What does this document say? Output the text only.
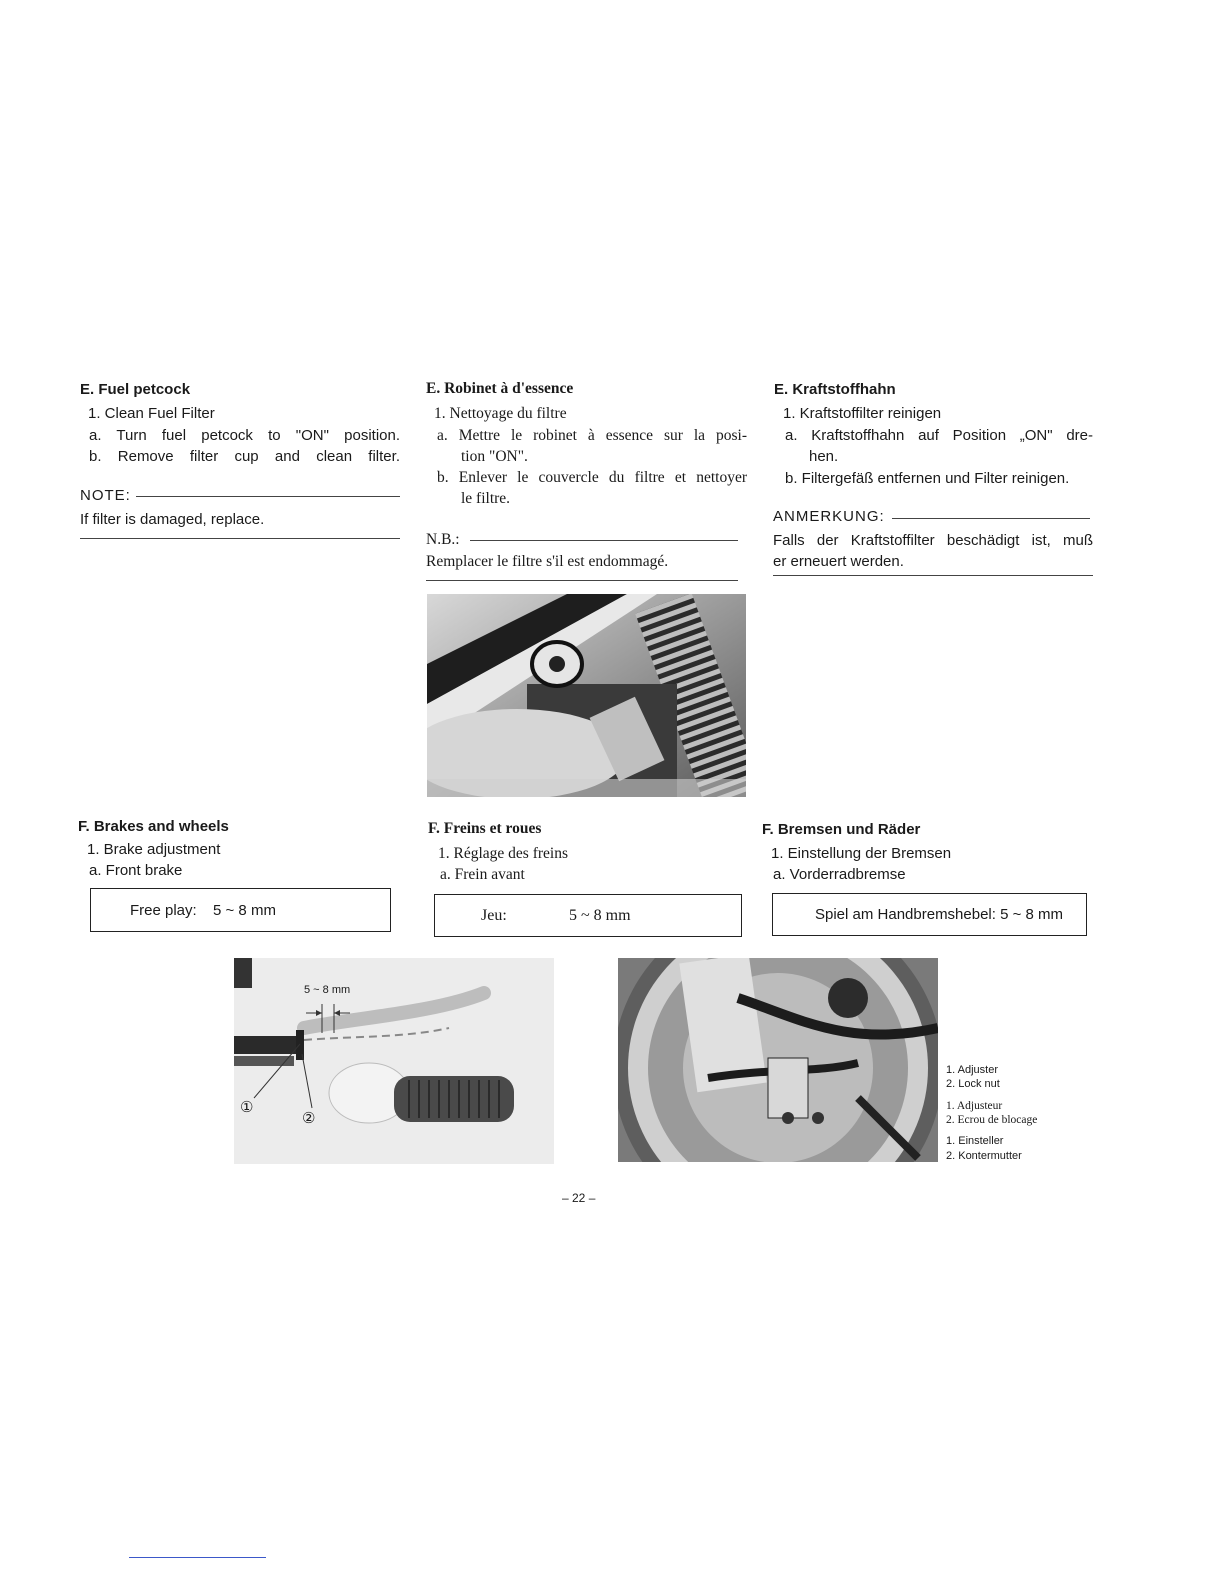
E. Fuel petcock
1. Clean Fuel Filter
a. Turn fuel petcock to "ON" position.
b. Remove filter cup and clean filter.
NOTE:
If filter is damaged, replace.
F. Brakes and wheels
1. Brake adjustment
a. Front brake
Free play: 5 ~ 8 mm
E. Robinet à d'essence
1. Nettoyage du filtre
a. Mettre le robinet à essence sur la posi-
tion "ON".
b. Enlever le couvercle du filtre et nettoyer
le filtre.
N.B.:
Remplacer le filtre s'il est endommagé.
F. Freins et roues
1. Réglage des freins
a. Frein avant
Jeu:	5 ~ 8 mm
E. Kraftstoffhahn
1. Kraftstoffilter reinigen
a. Kraftstoffhahn auf Position „ON" dre-
hen.
b. Filtergefäß entfernen und Filter reinigen.
ANMERKUNG:
Falls der Kraftstoffilter beschädigt ist, muß
er erneuert werden.
F. Bremsen und Räder
1. Einstellung der Bremsen
a. Vorderradbremse
Spiel am Handbremshebel: 5 ~ 8 mm
5 ~ 8 mm
①
②
1. Adjuster
2. Lock nut
1. Adjusteur
2. Ecrou de blocage
1. Einsteller
2. Kontermutter
– 22 –
